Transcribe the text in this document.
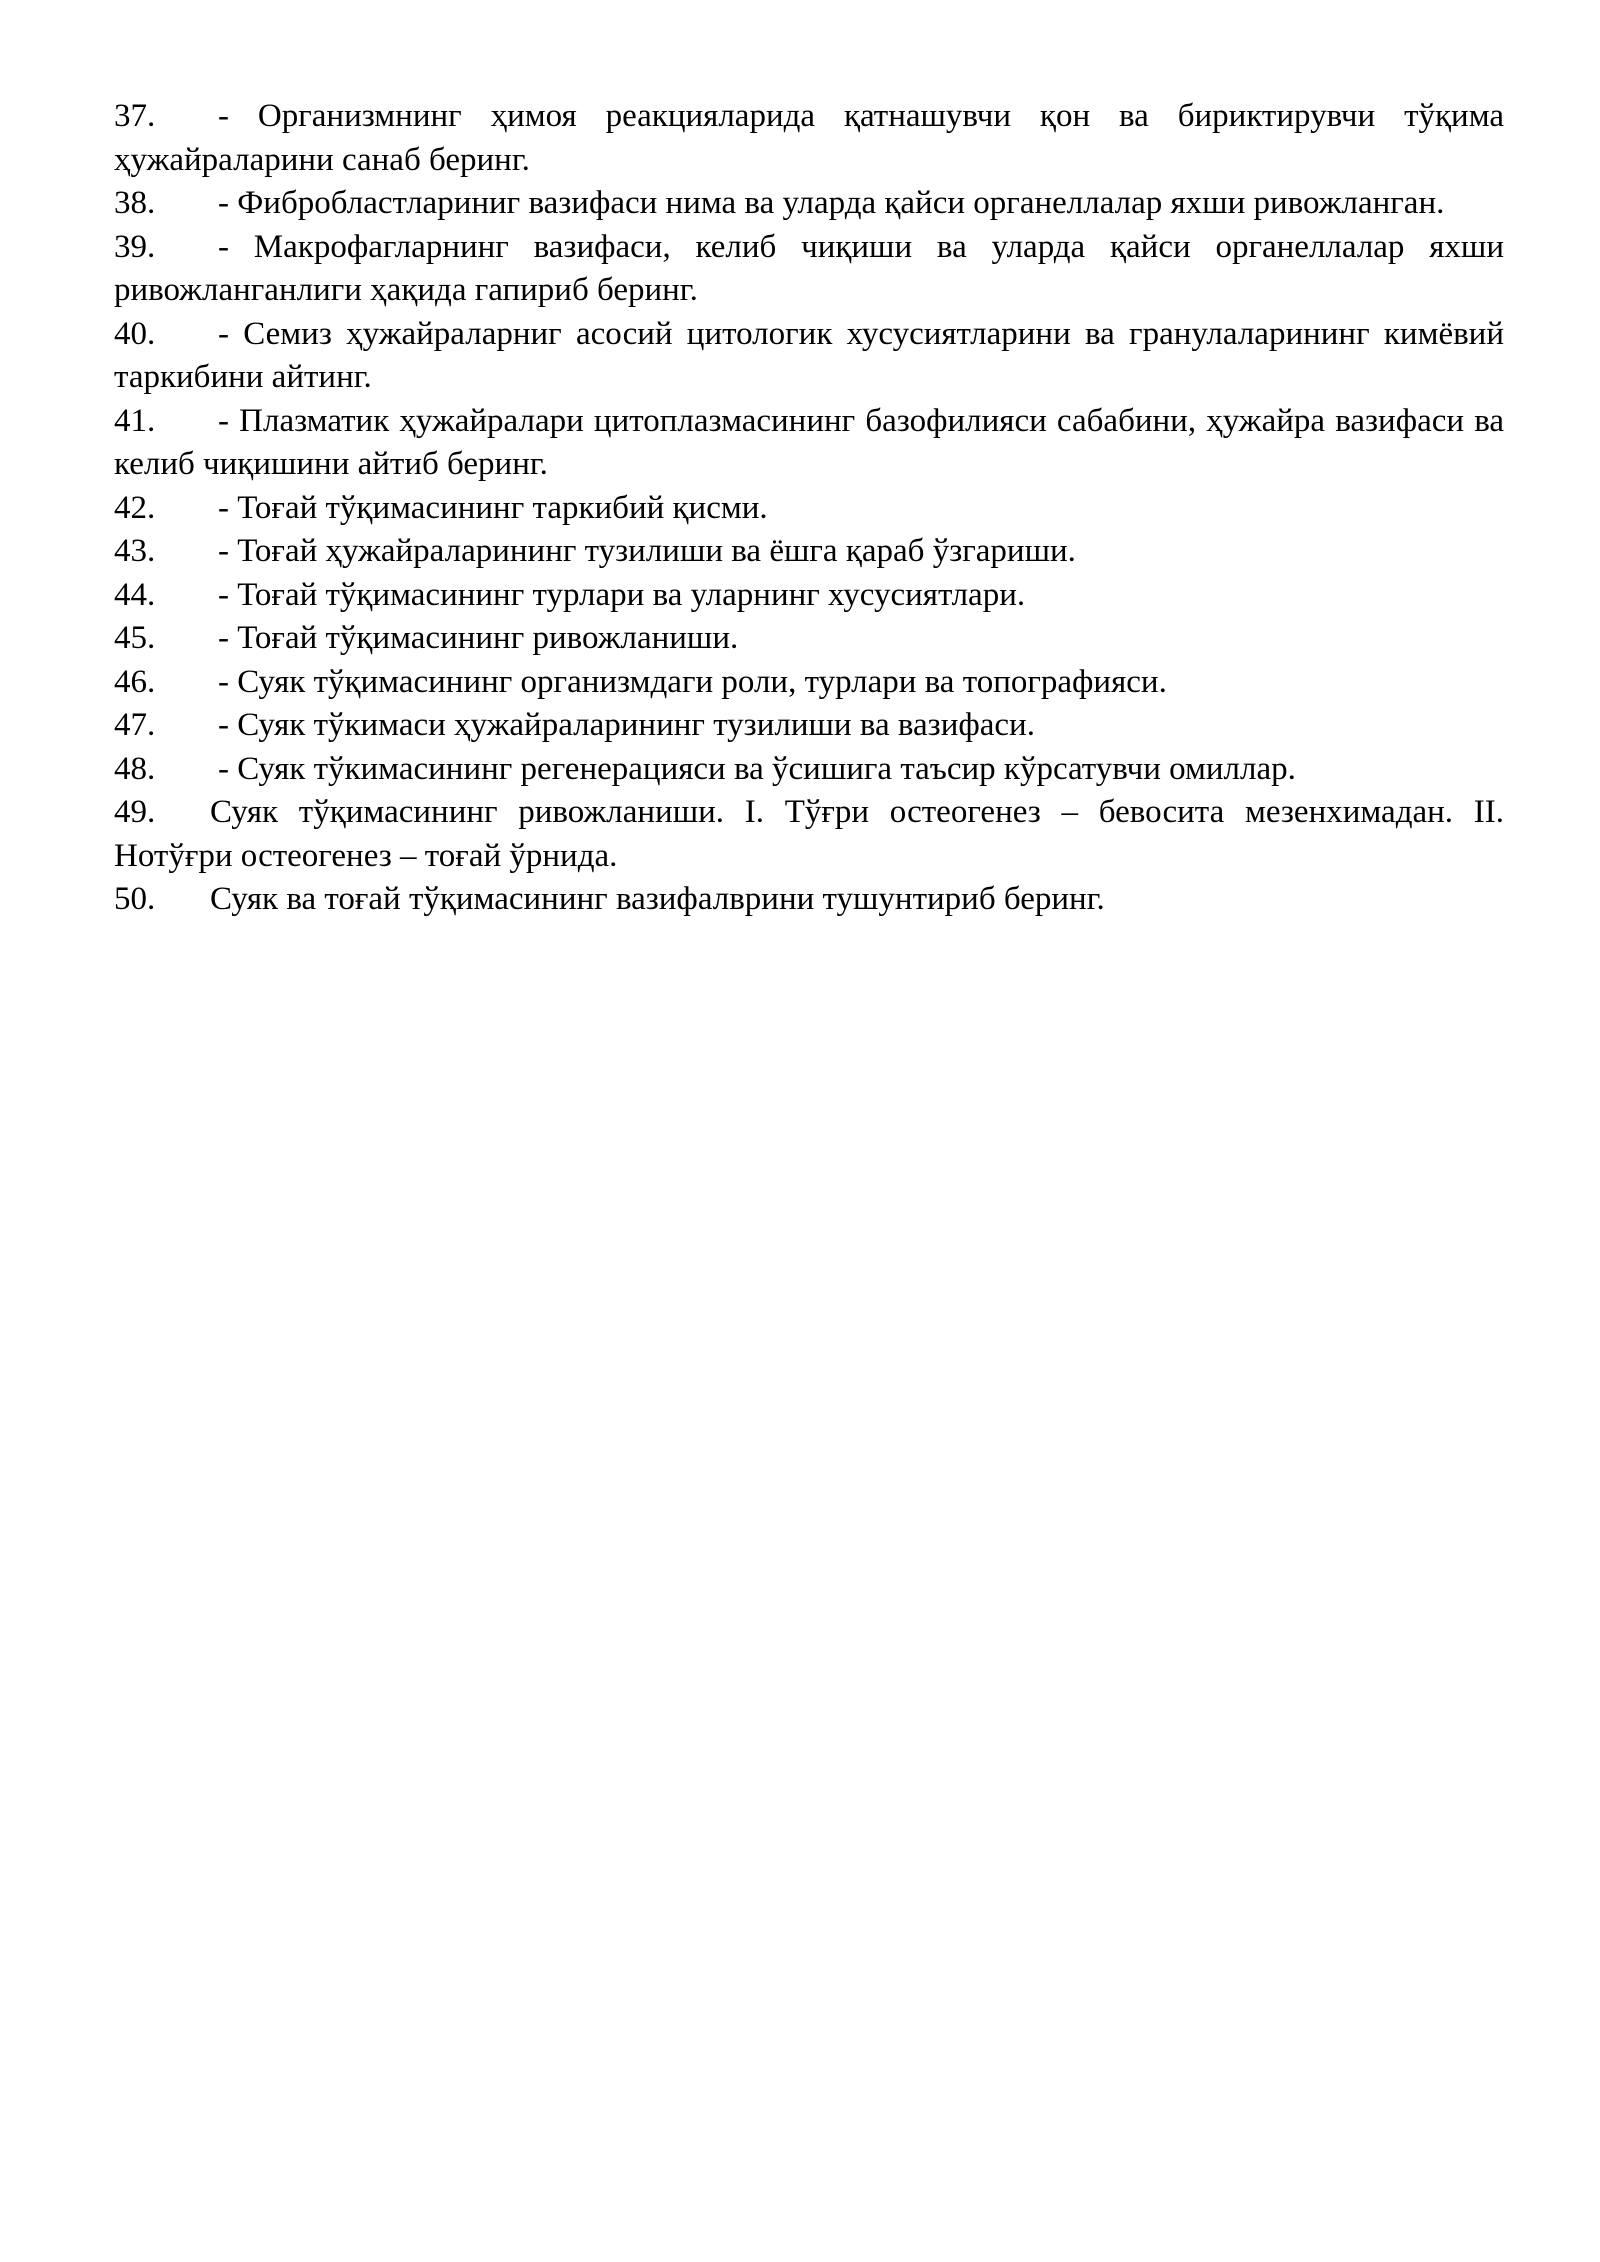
37. - Организмнинг ҳимоя реакцияларида қатнашувчи қон ва бириктирувчи тўқима ҳужайраларини санаб беринг.

38. - Фибробластлариниг вазифаси нима ва уларда қайси органеллалар яхши ривожланган.

39. - Макрофагларнинг вазифаси, келиб чиқиши ва уларда қайси органеллалар яхши ривожланганлиги ҳақида гапириб беринг.

40. - Семиз ҳужайраларниг асосий цитологик хусусиятларини ва гранулаларининг кимёвий таркибини айтинг.

41. - Плазматик ҳужайралари цитоплазмасининг базофилияси сабабини, ҳужайра вазифаси ва келиб чиқишини айтиб беринг.

42. - Тоғай тўқимасининг таркибий қисми.

43. - Тоғай ҳужайраларининг тузилиши ва ёшга қараб ўзгариши.

44. - Тоғай тўқимасининг турлари ва уларнинг хусусиятлари.

45. - Тоғай тўқимасининг ривожланиши.

46. - Суяк тўқимасининг организмдаги роли, турлари ва топографияси.

47. - Суяк тўкимаси ҳужайраларининг тузилиши ва вазифаси.

48. - Суяк тўкимасининг регенерацияси ва ўсишига таъсир кўрсатувчи омиллар.

49. Суяк тўқимасининг ривожланиши. I. Тўғри остеогенез – бевосита мезенхимадан. II. Нотўғри остеогенез – тоғай ўрнида.

50. Суяк ва тоғай тўқимасининг вазифалврини тушунтириб беринг.
